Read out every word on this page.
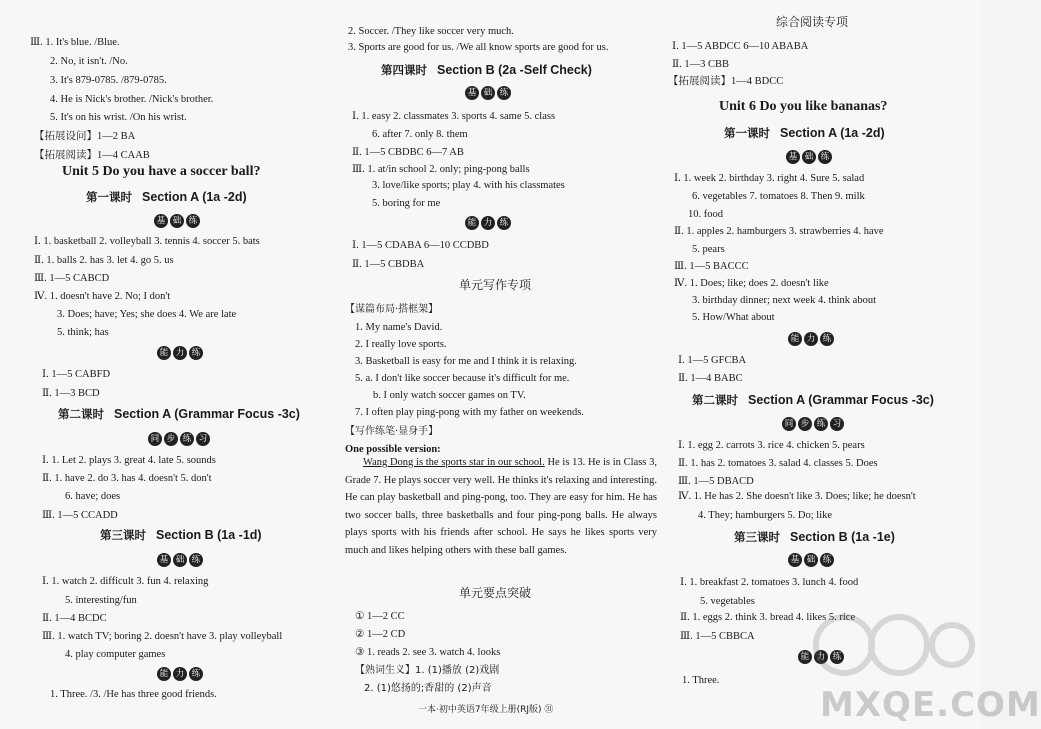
Ⅲ. 1. It's blue. /Blue.
2. No, it isn't. /No.
3. It's 879-0785. /879-0785.
4. He is Nick's brother. /Nick's brother.
5. It's on his wrist. /On his wrist.
【拓展设问】1—2 BA
【拓展阅读】1—4 CAAB
Unit 5 Do you have a soccer ball?
第一课时 Section A (1a -2d)
基 础 练
Ⅰ. 1. basketball 2. volleyball 3. tennis 4. soccer 5. bats
Ⅱ. 1. balls 2. has 3. let 4. go 5. us
Ⅲ. 1—5 CABCD
Ⅳ. 1. doesn't have 2. No; I don't
3. Does; have; Yes; she does 4. We are late
5. think; has
能 力 练
Ⅰ. 1—5 CABFD
Ⅱ. 1—3 BCD
第二课时 Section A (Grammar Focus -3c)
同 步 练 习
Ⅰ. 1. Let 2. plays 3. great 4. late 5. sounds
Ⅱ. 1. have 2. do 3. has 4. doesn't 5. don't
6. have; does
Ⅲ. 1—5 CCADD
第三课时 Section B (1a -1d)
基 础 练
Ⅰ. 1. watch 2. difficult 3. fun 4. relaxing
5. interesting/fun
Ⅱ. 1—4 BCDC
Ⅲ. 1. watch TV; boring 2. doesn't have 3. play volleyball
4. play computer games
能 力 练
1. Three. /3. /He has three good friends.
2. Soccer. /They like soccer very much.
3. Sports are good for us. /We all know sports are good for us.
第四课时 Section B (2a -Self Check)
基 础 练
Ⅰ. 1. easy 2. classmates 3. sports 4. same 5. class
6. after 7. only 8. them
Ⅱ. 1—5 CBDBC 6—7 AB
Ⅲ. 1. at/in school 2. only; ping-pong balls
3. love/like sports; play 4. with his classmates
5. boring for me
能 力 练
Ⅰ. 1—5 CDABA 6—10 CCDBD
Ⅱ. 1—5 CBDBA
单元写作专项
【谋篇布局·搭框架】
1. My name's David.
2. I really love sports.
3. Basketball is easy for me and I think it is relaxing.
5. a. I don't like soccer because it's difficult for me.
b. I only watch soccer games on TV.
7. I often play ping-pong with my father on weekends.
【写作练笔·显身手】
One possible version:
Wang Dong is the sports star in our school. He is 13. He is in Class 3, Grade 7. He plays soccer very well. He thinks it's relaxing and interesting. He can play basketball and ping-pong, too. They are easy for him. He has two soccer balls, three basketballs and four ping-pong balls. He always plays sports with his friends after school. He says he likes sports very much and likes helping others with these ball games.
单元要点突破
① 1—2 CC
② 1—2 CD
③ 1. reads 2. see 3. watch 4. looks
【熟词生义】1. (1)播放 (2)戏剧
2. (1)悠扬的;香甜的 (2)声音
综合阅读专项
Ⅰ. 1—5 ABDCC 6—10 ABABA
Ⅱ. 1—3 CBB
【拓展阅读】1—4 BDCC
Unit 6 Do you like bananas?
第一课时 Section A (1a -2d)
基 础 练
Ⅰ. 1. week 2. birthday 3. right 4. Sure 5. salad
6. vegetables 7. tomatoes 8. Then 9. milk
10. food
Ⅱ. 1. apples 2. hamburgers 3. strawberries 4. have
5. pears
Ⅲ. 1—5 BACCC
Ⅳ. 1. Does; like; does 2. doesn't like
3. birthday dinner; next week 4. think about
5. How/What about
能 力 练
Ⅰ. 1—5 GFCBA
Ⅱ. 1—4 BABC
第二课时 Section A (Grammar Focus -3c)
同 步 练 习
Ⅰ. 1. egg 2. carrots 3. rice 4. chicken 5. pears
Ⅱ. 1. has 2. tomatoes 3. salad 4. classes 5. Does
Ⅲ. 1—5 DBACD
Ⅳ. 1. He has 2. She doesn't like 3. Does; like; he doesn't
4. They; hamburgers 5. Do; like
第三课时 Section B (1a -1e)
基 础 练
Ⅰ. 1. breakfast 2. tomatoes 3. lunch 4. food
5. vegetables
Ⅱ. 1. eggs 2. think 3. bread 4. likes 5. rice
Ⅲ. 1—5 CBBCA
能 力 练
1. Three.
一本·初中英语7年级上册(RJ版) ㉛	MXQE.COM
